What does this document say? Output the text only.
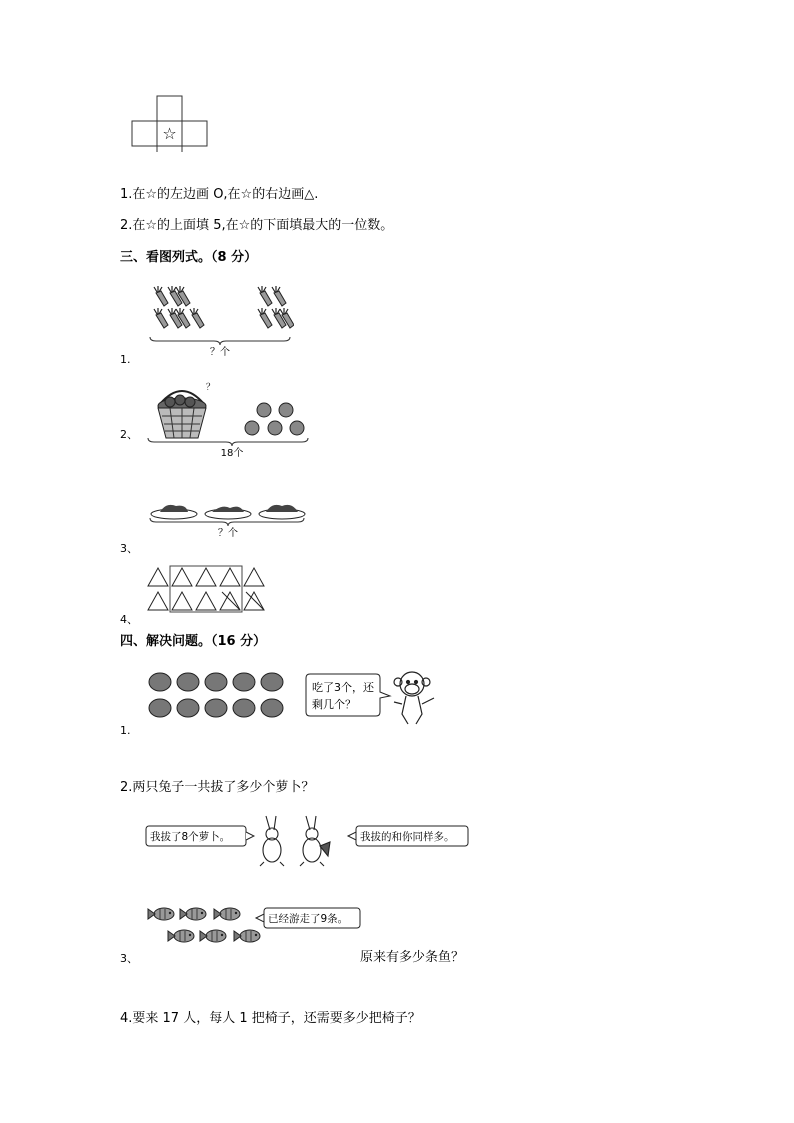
☆
1.在☆的左边画 O,在☆的右边画△.
2.在☆的上面填 5,在☆的下面填最大的一位数。
三、看图列式。（8 分）
？个
1.
？
18个
2、
？个
3、
4、
四、解决问题。（16 分）
吃了3个，还
剩几个？
1.
2.两只兔子一共拔了多少个萝卜？
我拔了8个萝卜。	我拔的和你同样多。
已经游走了9条。
3、	原来有多少条鱼？
4.要来 17 人，每人 1 把椅子，还需要多少把椅子？
